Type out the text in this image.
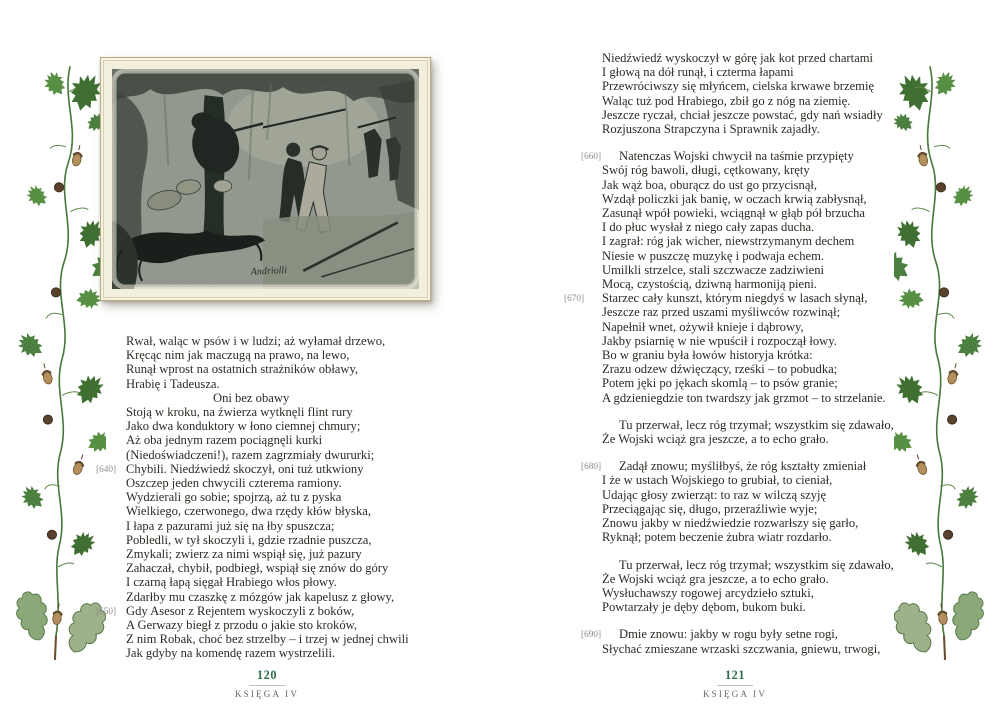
Andriolli
Rwał, waląc w psów i w ludzi; aż wyłamał drzewo,
Kręcąc nim jak maczugą na prawo, na lewo,
Runął wprost na ostatnich strażników obławy,
Hrabię i Tadeusza.
Oni bez obawy
Stoją w kroku, na źwierza wytknęli flint rury
Jako dwa konduktory w łono ciemnej chmury;
Aż oba jednym razem pociągnęli kurki
(Niedoświadczeni!), razem zagrzmiały dwururki;
[640] Chybili. Niedźwiedź skoczył, oni tuż utkwiony
Oszczep jeden chwycili czterema ramiony.
Wydzierali go sobie; spojrzą, aż tu z pyska
Wielkiego, czerwonego, dwa rzędy kłów błyska,
I łapa z pazurami już się na łby spuszcza;
Pobledli, w tył skoczyli i, gdzie rzadnie puszcza,
Zmykali; zwierz za nimi wspiął się, już pazury
Zahaczał, chybił, podbiegł, wspiął się znów do góry
I czarną łapą sięgał Hrabiego włos płowy.
Zdarłby mu czaszkę z mózgów jak kapelusz z głowy,
[650] Gdy Asesor z Rejentem wyskoczyli z boków,
A Gerwazy biegł z przodu o jakie sto kroków,
Z nim Robak, choć bez strzelby – i trzej w jednej chwili
Jak gdyby na komendę razem wystrzelili.
120
KSIĘGA IV
Niedźwiedź wyskoczył w górę jak kot przed chartami
I głową na dół runął, i czterma łapami
Przewróciwszy się młyńcem, cielska krwawe brzemię
Waląc tuż pod Hrabiego, zbił go z nóg na ziemię.
Jeszcze ryczał, chciał jeszcze powstać, gdy nań wsiadły
Rozjuszona Strapczyna i Sprawnik zajadły.
[660] Natenczas Wojski chwycił na taśmie przypięty
Swój róg bawoli, długi, cętkowany, kręty
Jak wąż boa, oburącz do ust go przycisnął,
Wzdął policzki jak banię, w oczach krwią zabłysnął,
Zasunął wpół powieki, wciągnął w głąb pół brzucha
I do płuc wysłał z niego cały zapas ducha.
I zagrał: róg jak wicher, niewstrzymanym dechem
Niesie w puszczę muzykę i podwaja echem.
Umilkli strzelce, stali szczwacze zadziwieni
Mocą, czystością, dziwną harmoniją pieni.
[670] Starzec cały kunszt, którym niegdyś w lasach słynął,
Jeszcze raz przed uszami myśliwców rozwinął;
Napełnił wnet, ożywił knieje i dąbrowy,
Jakby psiarnię w nie wpuścił i rozpoczął łowy.
Bo w graniu była łowów historyja krótka:
Zrazu odzew dźwięczący, rześki – to pobudka;
Potem jęki po jękach skomlą – to psów granie;
A gdzieniegdzie ton twardszy jak grzmot – to strzelanie.
Tu przerwał, lecz róg trzymał; wszystkim się zdawało,
Że Wojski wciąż gra jeszcze, a to echo grało.
[680] Zadął znowu; myśliłbyś, że róg kształty zmieniał
I że w ustach Wojskiego to grubiał, to cieniał,
Udając głosy zwierząt: to raz w wilczą szyję
Przeciągając się, długo, przeraźliwie wyje;
Znowu jakby w niedźwiedzie rozwarłszy się garło,
Ryknął; potem beczenie żubra wiatr rozdarło.
Tu przerwał, lecz róg trzymał; wszystkim się zdawało,
Że Wojski wciąż gra jeszcze, a to echo grało.
Wysłuchawszy rogowej arcydzieło sztuki,
Powtarzały je dęby dębom, bukom buki.
[690] Dmie znowu: jakby w rogu były setne rogi,
Słychać zmieszane wrzaski szczwania, gniewu, trwogi,
121
KSIĘGA IV
